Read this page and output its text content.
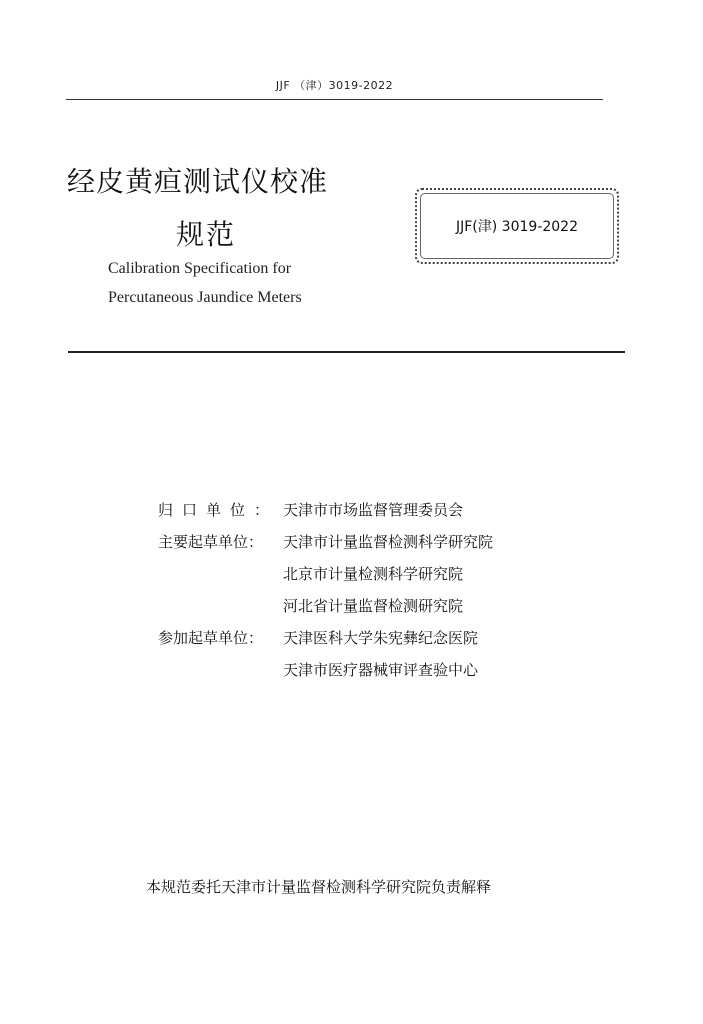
JJF （津）3019-2022
经皮黄疸测试仪校准
规范
Calibration Specification for
Percutaneous Jaundice Meters
JJF(津) 3019-2022
归口单位： 天津市市场监督管理委员会
主要起草单位：	天津市计量监督检测科学研究院
北京市计量检测科学研究院
河北省计量监督检测研究院
参加起草单位：	天津医科大学朱宪彝纪念医院
天津市医疗器械审评查验中心
本规范委托天津市计量监督检测科学研究院负责解释
